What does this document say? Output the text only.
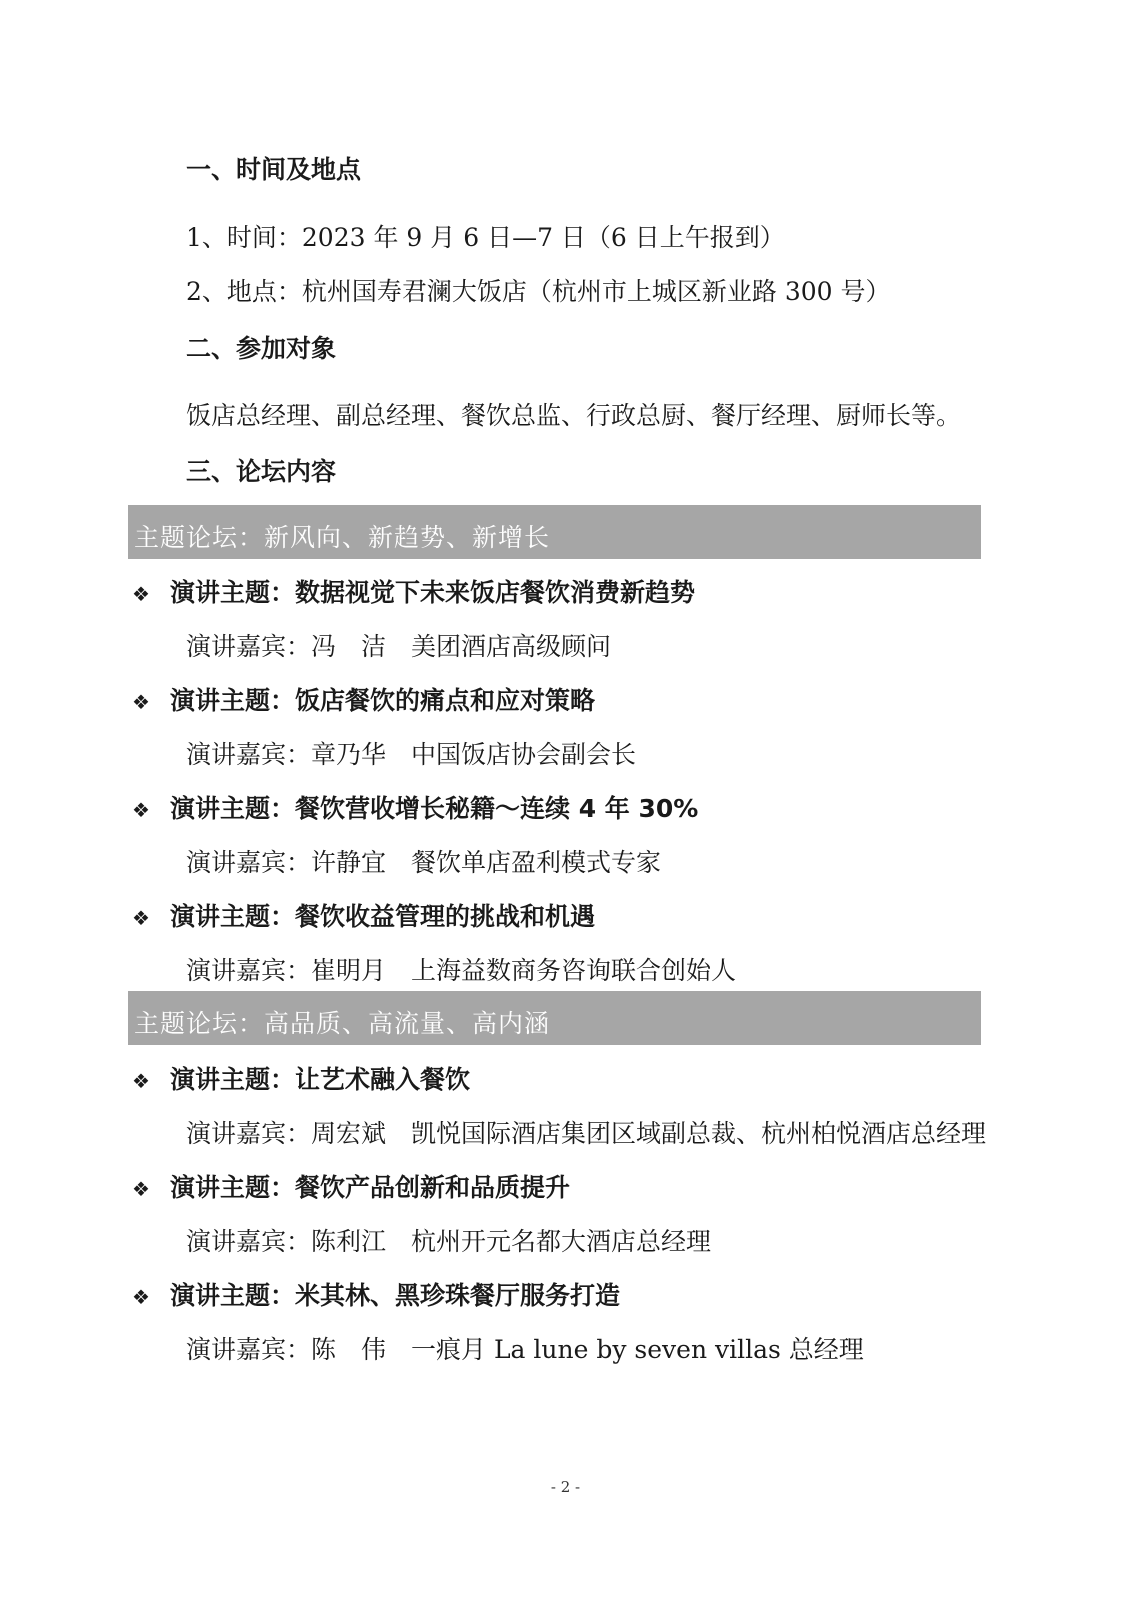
一、时间及地点
1、时间：2023 年 9 月 6 日—7 日（6 日上午报到）
2、地点：杭州国寿君澜大饭店（杭州市上城区新业路 300 号）
二、参加对象
饭店总经理、副总经理、餐饮总监、行政总厨、餐厅经理、厨师长等。
三、论坛内容
主题论坛：新风向、新趋势、新增长
❖ 演讲主题：数据视觉下未来饭店餐饮消费新趋势
演讲嘉宾：冯　洁　美团酒店高级顾问
❖ 演讲主题：饭店餐饮的痛点和应对策略
演讲嘉宾：章乃华　中国饭店协会副会长
❖ 演讲主题：餐饮营收增长秘籍～连续 4 年 30%
演讲嘉宾：许静宜　餐饮单店盈利模式专家
❖ 演讲主题：餐饮收益管理的挑战和机遇
演讲嘉宾：崔明月　上海益数商务咨询联合创始人
主题论坛：高品质、高流量、高内涵
❖ 演讲主题：让艺术融入餐饮
演讲嘉宾：周宏斌　凯悦国际酒店集团区域副总裁、杭州柏悦酒店总经理
❖ 演讲主题：餐饮产品创新和品质提升
演讲嘉宾：陈利江　杭州开元名都大酒店总经理
❖ 演讲主题：米其林、黑珍珠餐厅服务打造
演讲嘉宾：陈　伟　一痕月 La lune by seven villas 总经理
- 2 -
